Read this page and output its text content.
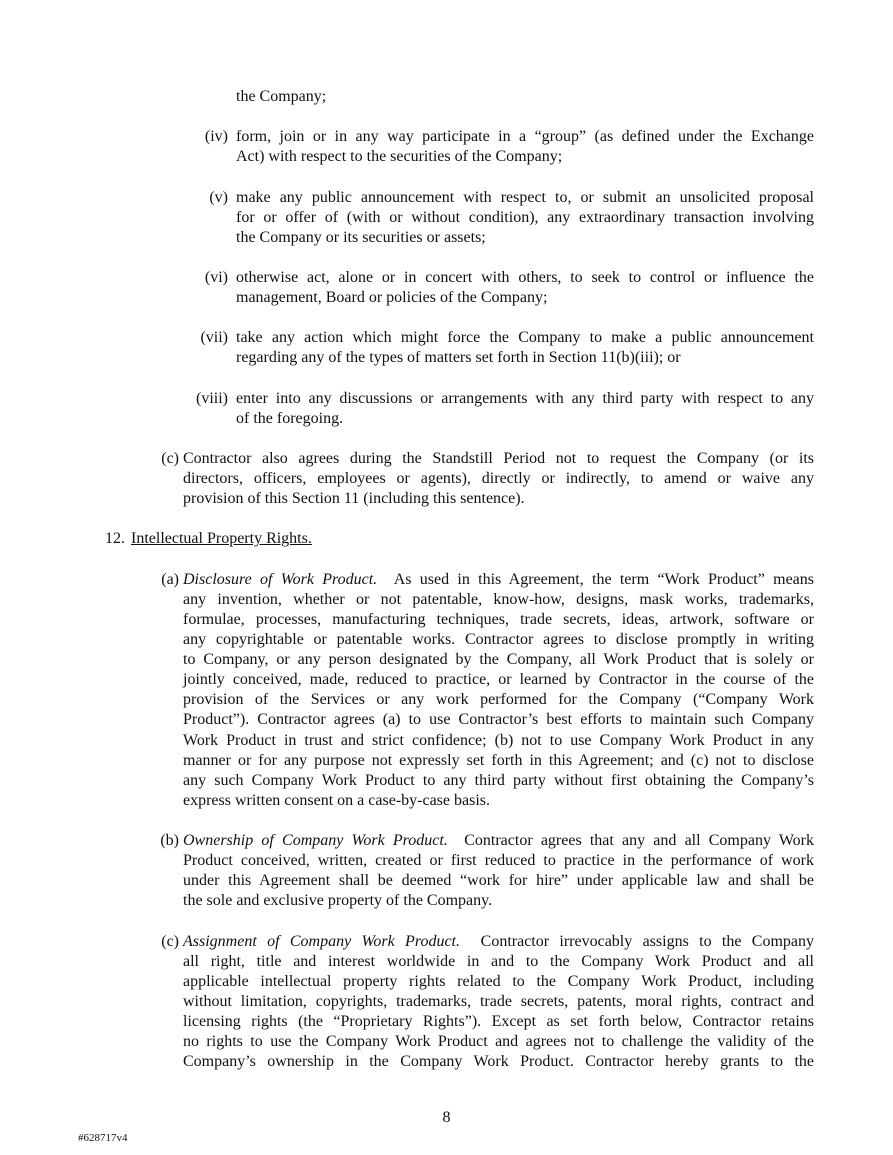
the Company;
(iv) form, join or in any way participate in a “group” (as defined under the Exchange
Act) with respect to the securities of the Company;
(v) make any public announcement with respect to, or submit an unsolicited proposal
for or offer of (with or without condition), any extraordinary transaction involving
the Company or its securities or assets;
(vi) otherwise act, alone or in concert with others, to seek to control or influence the
management, Board or policies of the Company;
(vii) take any action which might force the Company to make a public announcement
regarding any of the types of matters set forth in Section 11(b)(iii); or
(viii) enter into any discussions or arrangements with any third party with respect to any
of the foregoing.
(c) Contractor also agrees during the Standstill Period not to request the Company (or its
directors, officers, employees or agents), directly or indirectly, to amend or waive any
provision of this Section 11 (including this sentence).
12. Intellectual Property Rights.
(a) Disclosure of Work Product. As used in this Agreement, the term “Work Product” means
any invention, whether or not patentable, know-how, designs, mask works, trademarks,
formulae, processes, manufacturing techniques, trade secrets, ideas, artwork, software or
any copyrightable or patentable works. Contractor agrees to disclose promptly in writing
to Company, or any person designated by the Company, all Work Product that is solely or
jointly conceived, made, reduced to practice, or learned by Contractor in the course of the
provision of the Services or any work performed for the Company (“Company Work
Product”). Contractor agrees (a) to use Contractor’s best efforts to maintain such Company
Work Product in trust and strict confidence; (b) not to use Company Work Product in any
manner or for any purpose not expressly set forth in this Agreement; and (c) not to disclose
any such Company Work Product to any third party without first obtaining the Company’s
express written consent on a case-by-case basis.
(b) Ownership of Company Work Product. Contractor agrees that any and all Company Work
Product conceived, written, created or first reduced to practice in the performance of work
under this Agreement shall be deemed “work for hire” under applicable law and shall be
the sole and exclusive property of the Company.
(c) Assignment of Company Work Product. Contractor irrevocably assigns to the Company
all right, title and interest worldwide in and to the Company Work Product and all
applicable intellectual property rights related to the Company Work Product, including
without limitation, copyrights, trademarks, trade secrets, patents, moral rights, contract and
licensing rights (the “Proprietary Rights”). Except as set forth below, Contractor retains
no rights to use the Company Work Product and agrees not to challenge the validity of the
Company’s ownership in the Company Work Product. Contractor hereby grants to the
8
#628717v4
